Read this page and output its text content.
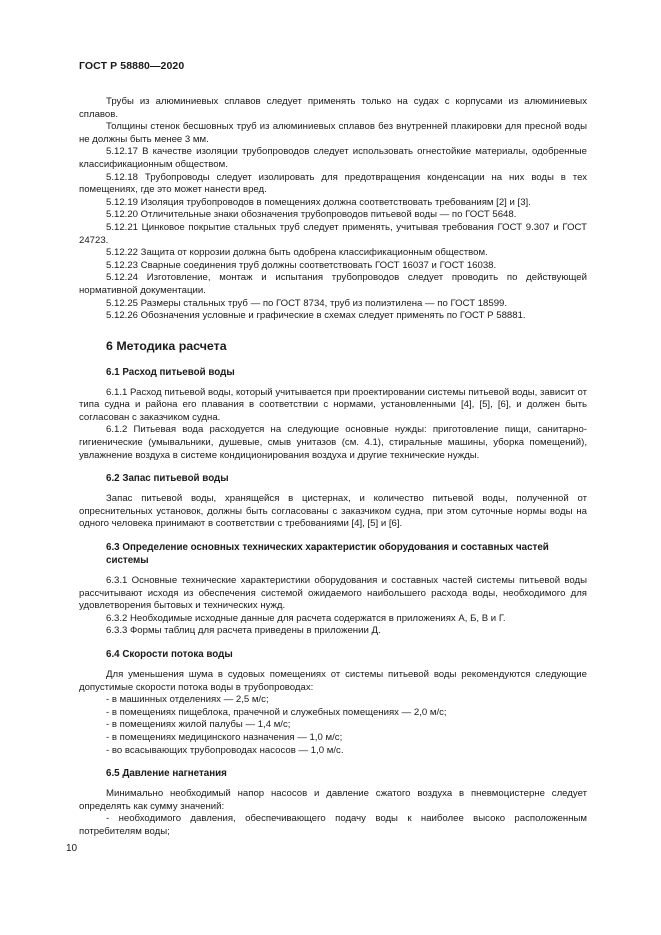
ГОСТ Р 58880—2020
Трубы из алюминиевых сплавов следует применять только на судах с корпусами из алюминиевых сплавов.
Толщины стенок бесшовных труб из алюминиевых сплавов без внутренней плакировки для пресной воды не должны быть менее 3 мм.
5.12.17 В качестве изоляции трубопроводов следует использовать огнестойкие материалы, одобренные классификационным обществом.
5.12.18 Трубопроводы следует изолировать для предотвращения конденсации на них воды в тех помещениях, где это может нанести вред.
5.12.19 Изоляция трубопроводов в помещениях должна соответствовать требованиям [2] и [3].
5.12.20 Отличительные знаки обозначения трубопроводов питьевой воды — по ГОСТ 5648.
5.12.21 Цинковое покрытие стальных труб следует применять, учитывая требования ГОСТ 9.307 и ГОСТ 24723.
5.12.22 Защита от коррозии должна быть одобрена классификационным обществом.
5.12.23 Сварные соединения труб должны соответствовать ГОСТ 16037 и ГОСТ 16038.
5.12.24 Изготовление, монтаж и испытания трубопроводов следует проводить по действующей нормативной документации.
5.12.25 Размеры стальных труб — по ГОСТ 8734, труб из полиэтилена — по ГОСТ 18599.
5.12.26 Обозначения условные и графические в схемах следует применять по ГОСТ Р 58881.
6 Методика расчета
6.1 Расход питьевой воды
6.1.1 Расход питьевой воды, который учитывается при проектировании системы питьевой воды, зависит от типа судна и района его плавания в соответствии с нормами, установленными [4], [5], [6], и должен быть согласован с заказчиком судна.
6.1.2 Питьевая вода расходуется на следующие основные нужды: приготовление пищи, санитарно-гигиенические (умывальники, душевые, смыв унитазов (см. 4.1), стиральные машины, уборка помещений), увлажнение воздуха в системе кондиционирования воздуха и другие технические нужды.
6.2 Запас питьевой воды
Запас питьевой воды, хранящейся в цистернах, и количество питьевой воды, полученной от опреснительных установок, должны быть согласованы с заказчиком судна, при этом суточные нормы воды на одного человека принимают в соответствии с требованиями [4], [5] и [6].
6.3 Определение основных технических характеристик оборудования и составных частей системы
6.3.1 Основные технические характеристики оборудования и составных частей системы питьевой воды рассчитывают исходя из обеспечения системой ожидаемого наибольшего расхода воды, необходимого для удовлетворения бытовых и технических нужд.
6.3.2 Необходимые исходные данные для расчета содержатся в приложениях А, Б, В и Г.
6.3.3 Формы таблиц для расчета приведены в приложении Д.
6.4 Скорости потока воды
Для уменьшения шума в судовых помещениях от системы питьевой воды рекомендуются следующие допустимые скорости потока воды в трубопроводах:
- в машинных отделениях — 2,5 м/с;
- в помещениях пищеблока, прачечной и служебных помещениях — 2,0 м/с;
- в помещениях жилой палубы — 1,4 м/с;
- в помещениях медицинского назначения — 1,0 м/с;
- во всасывающих трубопроводах насосов — 1,0 м/с.
6.5 Давление нагнетания
Минимально необходимый напор насосов и давление сжатого воздуха в пневмоцистерне следует определять как сумму значений:
- необходимого давления, обеспечивающего подачу воды к наиболее высоко расположенным потребителям воды;
10
